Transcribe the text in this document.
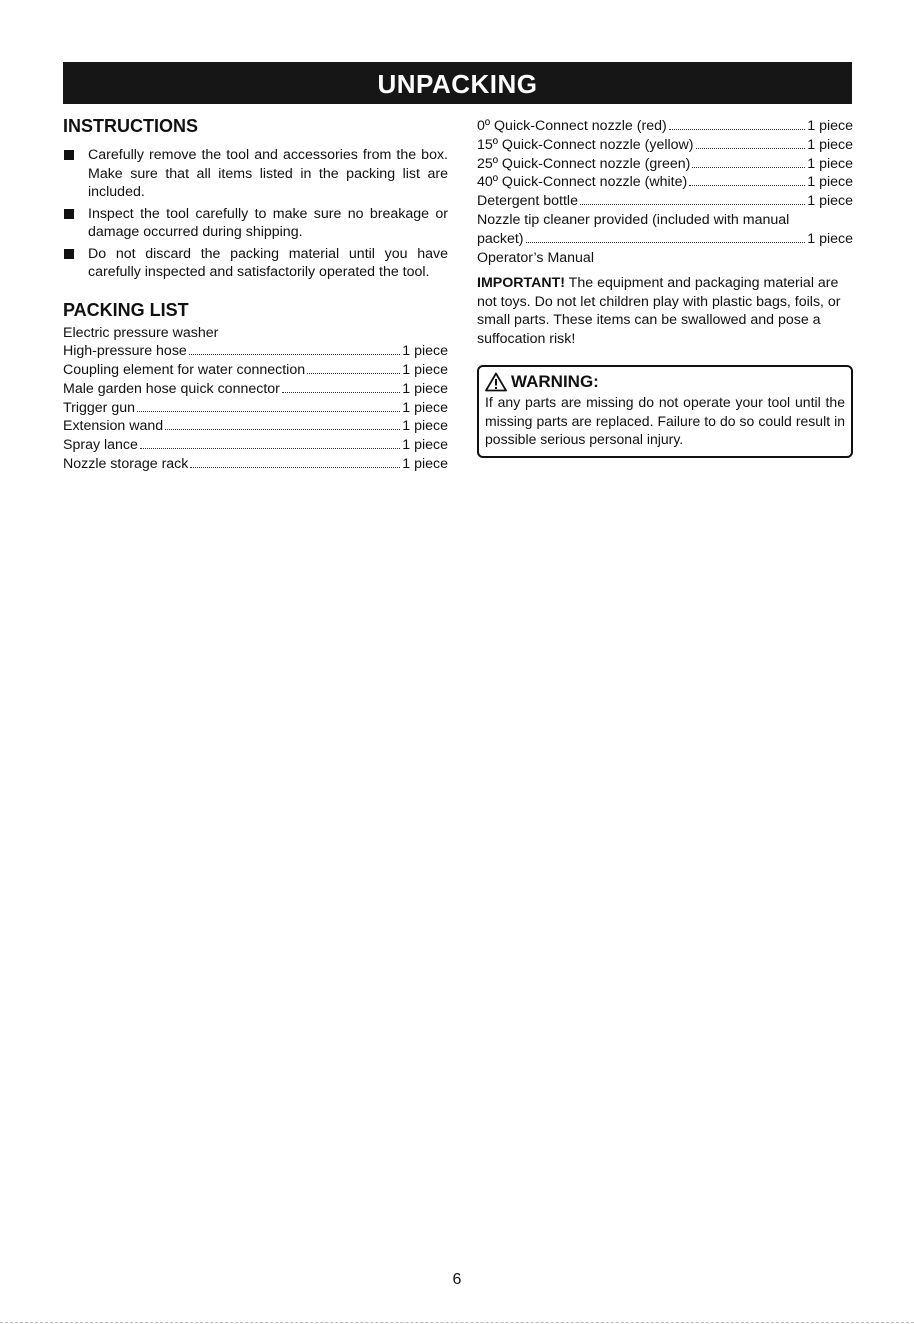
UNPACKING
INSTRUCTIONS
Carefully remove the tool and accessories from the box. Make sure that all items listed in the packing list are included.
Inspect the tool carefully to make sure no breakage or damage occurred during shipping.
Do not discard the packing material until you have carefully inspected and satisfactorily operated the tool.
PACKING LIST
Electric pressure washer
High-pressure hose	1 piece
Coupling element for water connection	1 piece
Male garden hose quick connector	1 piece
Trigger gun	1 piece
Extension wand	1 piece
Spray lance	1 piece
Nozzle storage rack	1 piece
0º Quick-Connect nozzle (red)	1 piece
15º Quick-Connect nozzle (yellow)	1 piece
25º Quick-Connect nozzle (green)	1 piece
40º Quick-Connect nozzle (white)	1 piece
Detergent bottle	1 piece
Nozzle tip cleaner provided (included with manual
packet)	1 piece
Operator’s Manual
IMPORTANT! The equipment and packaging material are not toys. Do not let children play with plastic bags, foils, or small parts. These items can be swallowed and pose a suffocation risk!
WARNING:
If any parts are missing do not operate your tool until the missing parts are replaced. Failure to do so could result in possible serious personal injury.
6
